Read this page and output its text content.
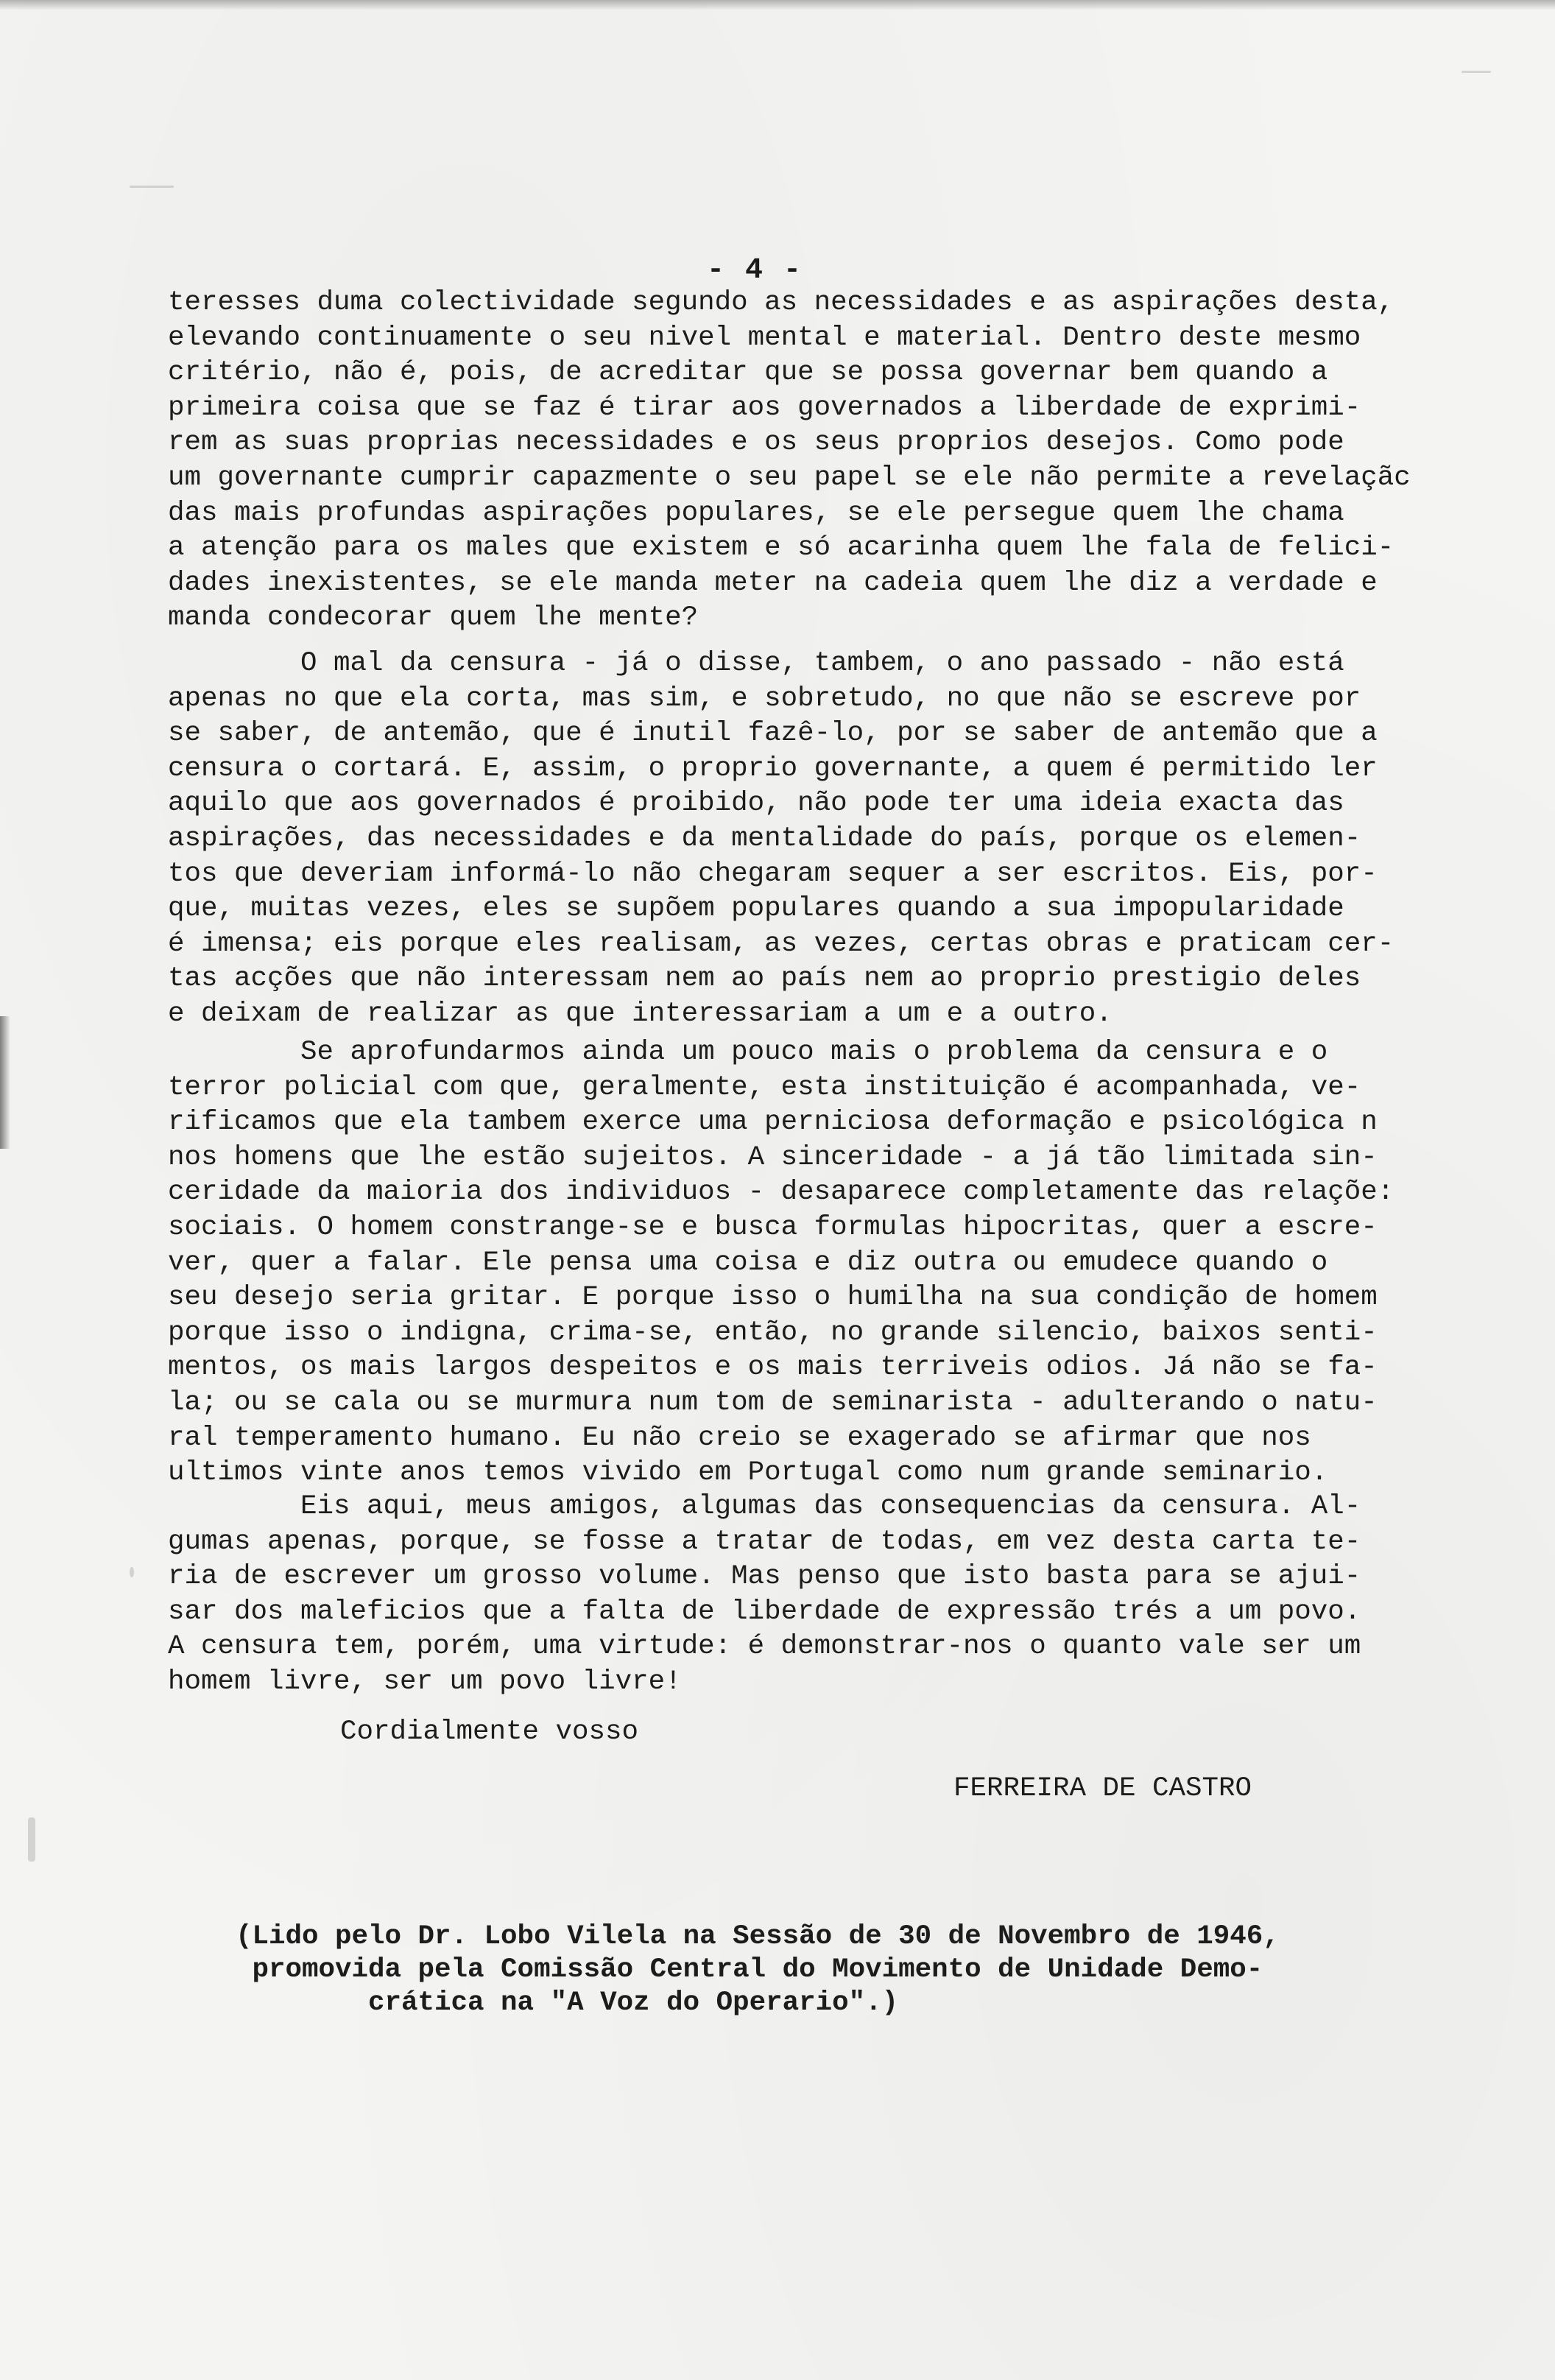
- 4 -
teresses duma colectividade segundo as necessidades e as aspirações desta,
elevando continuamente o seu nivel mental e material. Dentro deste mesmo
critério, não é, pois, de acreditar que se possa governar bem quando a
primeira coisa que se faz é tirar aos governados a liberdade de exprimi-
rem as suas proprias necessidades e os seus proprios desejos. Como pode
um governante cumprir capazmente o seu papel se ele não permite a revelaçãc
das mais profundas aspirações populares, se ele persegue quem lhe chama
a atenção para os males que existem e só acarinha quem lhe fala de felici-
dades inexistentes, se ele manda meter na cadeia quem lhe diz a verdade e
manda condecorar quem lhe mente?
O mal da censura - já o disse, tambem, o ano passado - não está
apenas no que ela corta, mas sim, e sobretudo, no que não se escreve por
se saber, de antemão, que é inutil fazê-lo, por se saber de antemão que a
censura o cortará. E, assim, o proprio governante, a quem é permitido ler
aquilo que aos governados é proibido, não pode ter uma ideia exacta das
aspirações, das necessidades e da mentalidade do país, porque os elemen-
tos que deveriam informá-lo não chegaram sequer a ser escritos. Eis, por-
que, muitas vezes, eles se supõem populares quando a sua impopularidade
é imensa; eis porque eles realisam, as vezes, certas obras e praticam cer-
tas acções que não interessam nem ao país nem ao proprio prestigio deles
e deixam de realizar as que interessariam a um e a outro.
Se aprofundarmos ainda um pouco mais o problema da censura e o
terror policial com que, geralmente, esta instituição é acompanhada, ve-
rificamos que ela tambem exerce uma perniciosa deformação e psicológica n
nos homens que lhe estão sujeitos. A sinceridade - a já tão limitada sin-
ceridade da maioria dos individuos - desaparece completamente das relaçõe:
sociais. O homem constrange-se e busca formulas hipocritas, quer a escre-
ver, quer a falar. Ele pensa uma coisa e diz outra ou emudece quando o
seu desejo seria gritar. E porque isso o humilha na sua condição de homem
porque isso o indigna, crima-se, então, no grande silencio, baixos senti-
mentos, os mais largos despeitos e os mais terriveis odios. Já não se fa-
la; ou se cala ou se murmura num tom de seminarista - adulterando o natu-
ral temperamento humano. Eu não creio se exagerado se afirmar que nos
ultimos vinte anos temos vivido em Portugal como num grande seminario.
Eis aqui, meus amigos, algumas das consequencias da censura. Al-
gumas apenas, porque, se fosse a tratar de todas, em vez desta carta te-
ria de escrever um grosso volume. Mas penso que isto basta para se ajui-
sar dos maleficios que a falta de liberdade de expressão trés a um povo.
A censura tem, porém, uma virtude: é demonstrar-nos o quanto vale ser um
homem livre, ser um povo livre!
Cordialmente vosso
FERREIRA DE CASTRO
(Lido pelo Dr. Lobo Vilela na Sessão de 30 de Novembro de 1946,
promovida pela Comissão Central do Movimento de Unidade Demo-
crática na "A Voz do Operario".)
